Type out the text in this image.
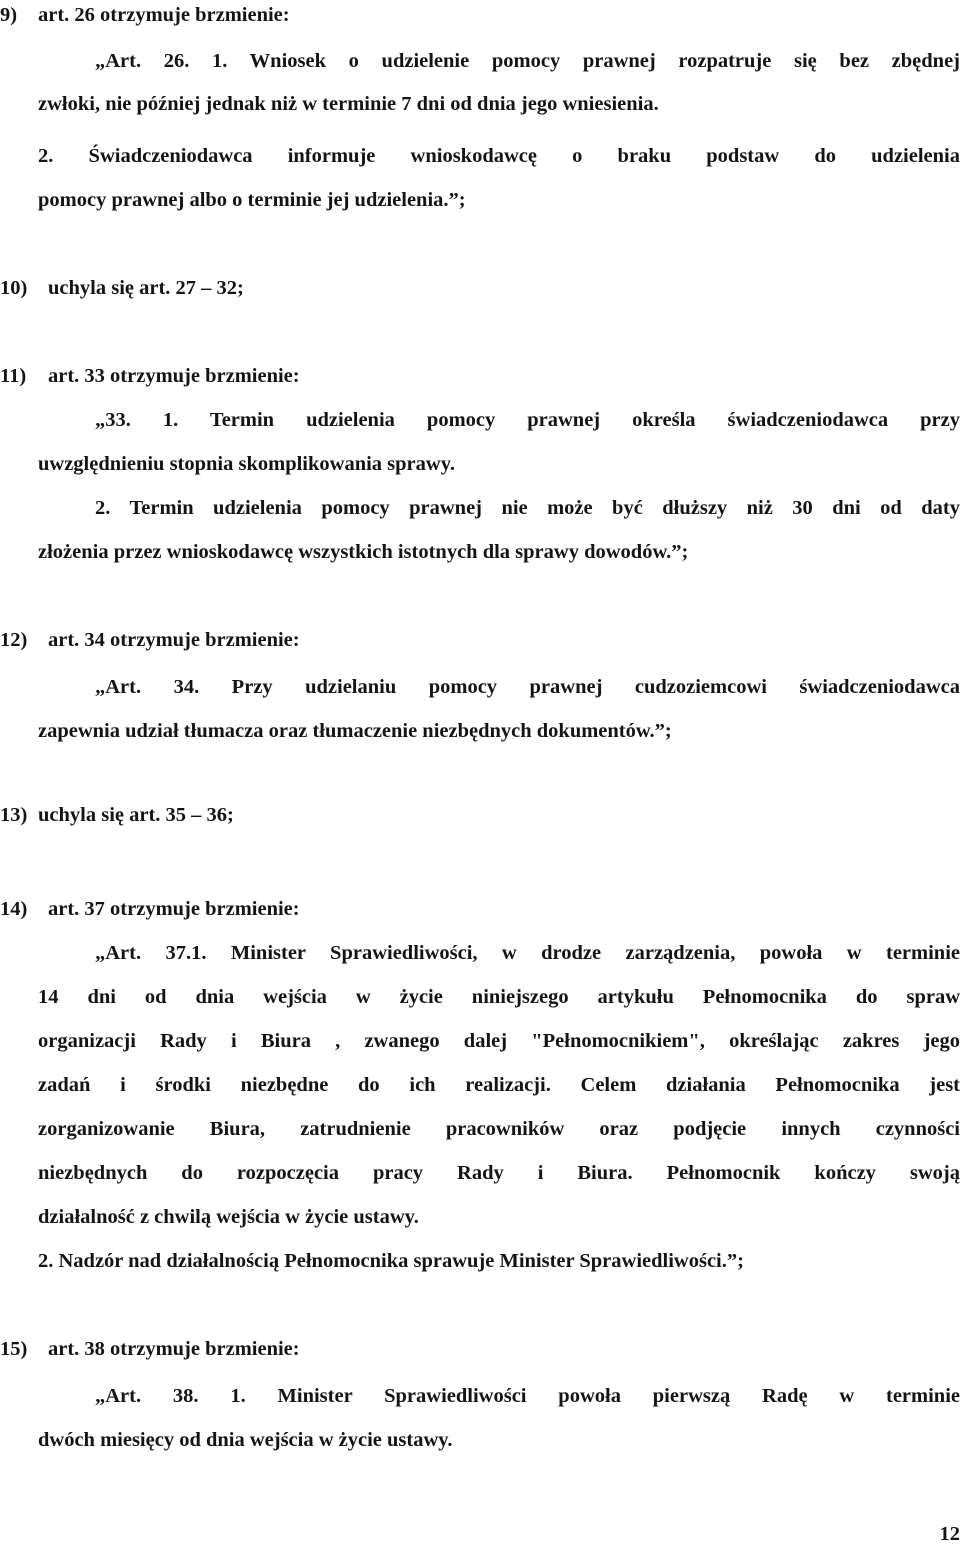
9) art. 26 otrzymuje brzmienie:
„Art. 26. 1. Wniosek o udzielenie pomocy prawnej rozpatruje się bez zbędnej
zwłoki, nie później jednak niż w terminie 7 dni od dnia jego wniesienia.
2. Świadczeniodawca informuje wnioskodawcę o braku podstaw do udzielenia
pomocy prawnej albo o terminie jej udzielenia.”;
10) uchyla się art. 27 – 32;
11) art. 33 otrzymuje brzmienie:
„33. 1. Termin udzielenia pomocy prawnej określa świadczeniodawca przy
uwzględnieniu stopnia skomplikowania sprawy.
2. Termin udzielenia pomocy prawnej nie może być dłuższy niż 30 dni od daty
złożenia przez wnioskodawcę wszystkich istotnych dla sprawy dowodów.”;
12) art. 34 otrzymuje brzmienie:
„Art. 34. Przy udzielaniu pomocy prawnej cudzoziemcowi świadczeniodawca
zapewnia udział tłumacza oraz tłumaczenie niezbędnych dokumentów.”;
13) uchyla się art. 35 – 36;
14) art. 37 otrzymuje brzmienie:
„Art. 37.1. Minister Sprawiedliwości, w drodze zarządzenia, powoła w terminie
14 dni od dnia wejścia w życie niniejszego artykułu Pełnomocnika do spraw
organizacji Rady i Biura , zwanego dalej "Pełnomocnikiem", określając zakres jego
zadań i środki niezbędne do ich realizacji. Celem działania Pełnomocnika jest
zorganizowanie Biura, zatrudnienie pracowników oraz podjęcie innych czynności
niezbędnych do rozpoczęcia pracy Rady i Biura. Pełnomocnik kończy swoją
działalność z chwilą wejścia w życie ustawy.
2. Nadzór nad działalnością Pełnomocnika sprawuje Minister Sprawiedliwości.”;
15) art. 38 otrzymuje brzmienie:
„Art. 38. 1. Minister Sprawiedliwości powoła pierwszą Radę w terminie
dwóch miesięcy od dnia wejścia w życie ustawy.
12
